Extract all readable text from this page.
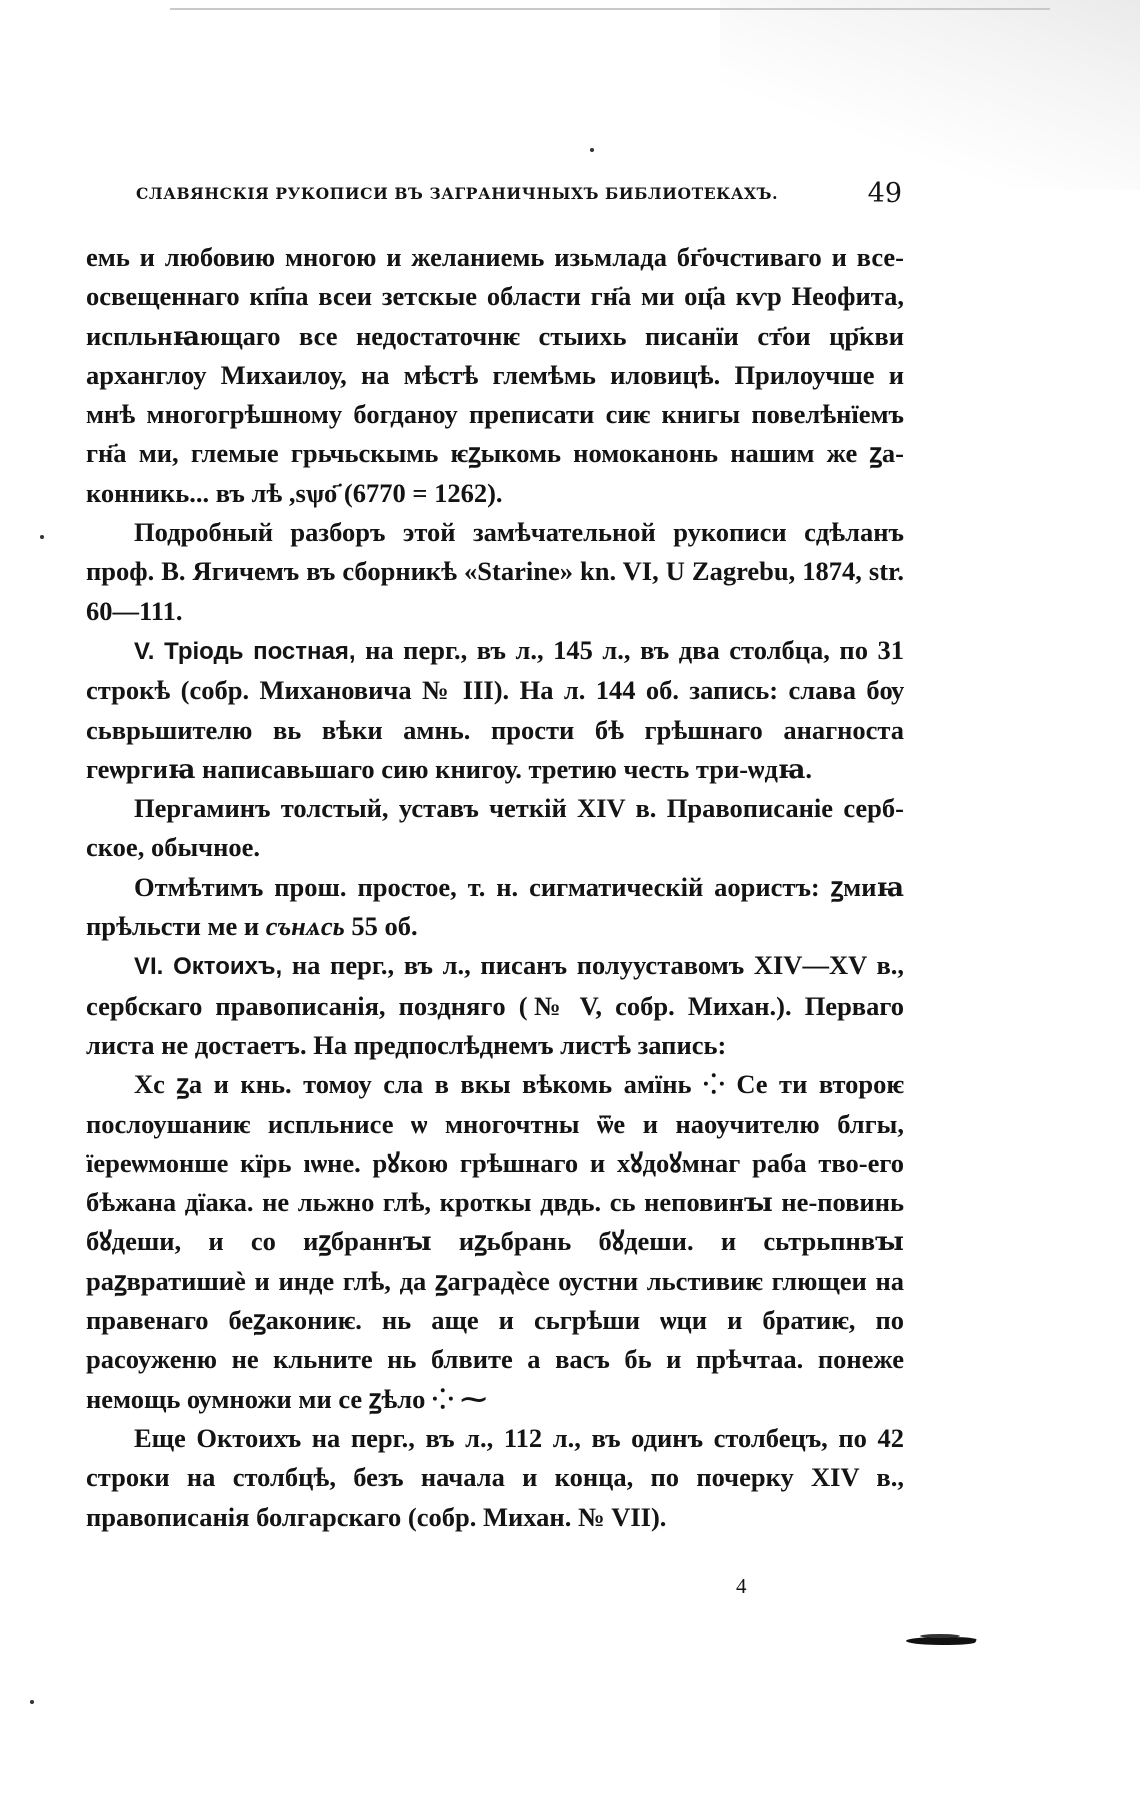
СЛАВЯНСКІЯ РУКОПИСИ ВЪ ЗАГРАНИЧНЫХЪ БИБЛИОТЕКАХЪ.	49

емь и любовию многою и желаниемь изьмлада бг҃очстиваго и все-освещеннаго кп҃па всеи зетскые области гн҃а ми оц҃а кѵр Неофита, испльнꙗющаго все недостаточнѥ стыихь писанїи ст҃ои цр҃кви арханглоу Михаилоу, на мѣстѣ глемѣмь иловицѣ. Прилоучше и мнѣ многогрѣшному богданоу преписати сиѥ книгы повелѣнїемъ гн҃а ми, глемые грьчьскымь ѥꙁыкомь номоканонь нашим же ꙁа-конникь... въ лѣ ,ѕѱо҃ (6770 = 1262).

Подробный разборъ этой замѣчательной рукописи сдѣланъ проф. В. Ягичемъ въ сборникѣ «Starine» kn. VI, U Zagrebu, 1874, str. 60—111.

V. Тріодь постная, на перг., въ л., 145 л., въ два столбца, по 31 строкѣ (собр. Михановича № III). На л. 144 об. запись: слава бѹ сьврьшителю вь вѣки амнь. прости бѣ грѣшнаго анагноста геѡргиꙗ написавьшаго сию книгоу. третию честь три-ѡдꙗ.

Пергаминъ толстый, уставъ четкій XIV в. Правописаніе серб-ское, обычное.

Отмѣтимъ прош. простое, т. н. сигматическій аористъ: ꙁмиꙗ прѣльсти ме и сънѧсь 55 об.

VI. Октоихъ, на перг., въ л., писанъ полууставомъ XIV—XV в., сербскаго правописанія, позднягo (№ V, собр. Михан.). Перваго листа не достаетъ. На предпослѣднемъ листѣ запись:

Хс ꙁа и кнь. томоу сла в вкы вѣкомь амїнь ⁘ Се ти вторoѥ послоушаниѥ испльнисе ѡ многочтны ѿе и наоучителю блгы, їереѡмонше кїрь ıѡне. рꙋкою грѣшнаго и хꙋдоꙋмнаг раба тво-его бѣжана дїака. не льжно глѣ, кроткы двдь. сь неповинꙑ не-повинь бꙋдеши, и со иꙁбраннꙑ иꙁьбрань бꙋдеши. и сьтрьпнвꙑ раꙁвратишиѐ и инде глѣ, да ꙁаградѐсе ѹстни льстивиѥ глющеи на правенаго беꙁакониѥ. нь аще и сьгрѣши ѡци и братиѥ, по расоуженю не кльните нь блвите а васъ бь и прѣчтаа. понеже немощь ѹмножи ми се ꙁѣло ⁘ ⁓

Еще Октоихъ на перг., въ л., 112 л., въ одинъ столбецъ, по 42 строки на столбцѣ, безъ начала и конца, по почерку XIV в., правописанія болгарскаго (собр. Михан. № VII).

4
